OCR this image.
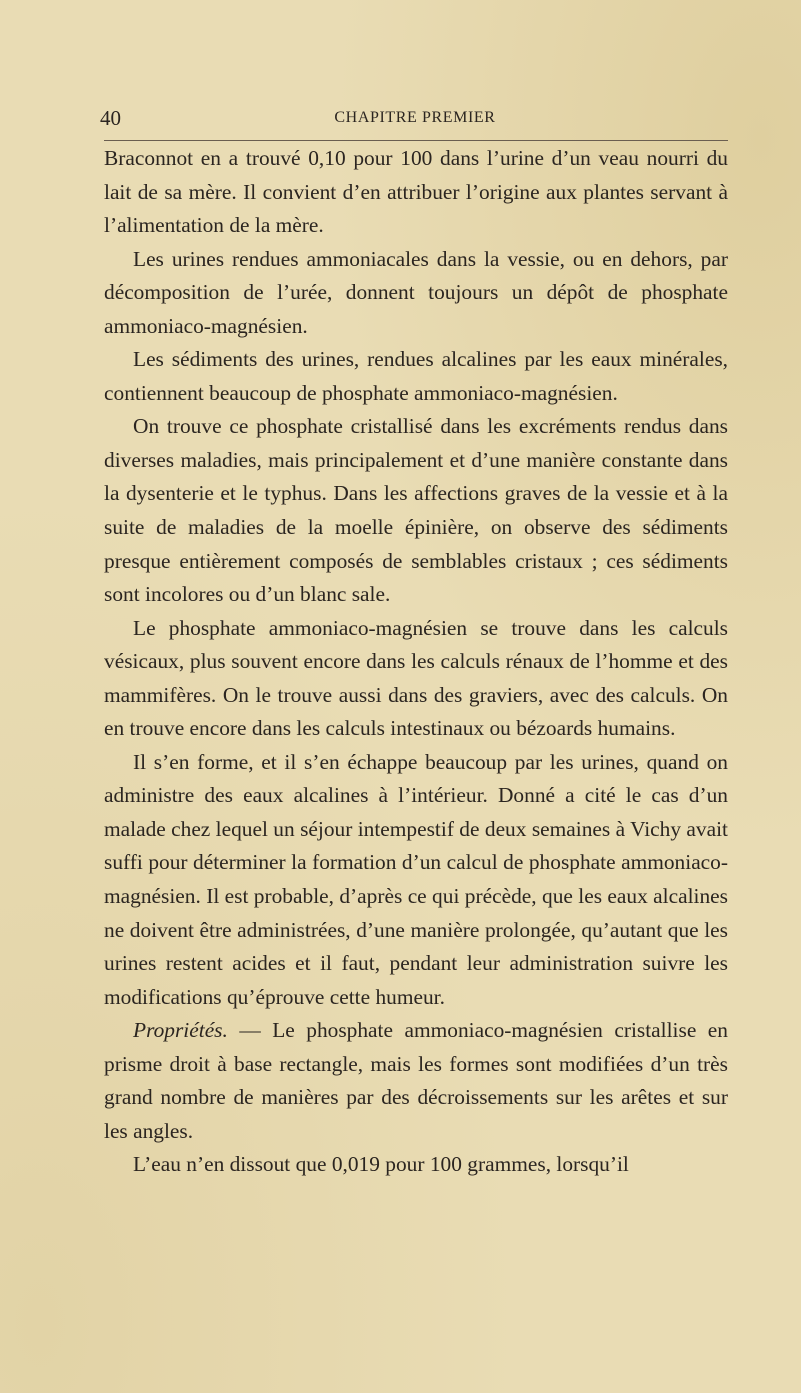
40	CHAPITRE PREMIER

Braconnot en a trouvé 0,10 pour 100 dans l’urine d’un veau nourri du lait de sa mère. Il convient d’en attribuer l’origine aux plantes servant à l’alimentation de la mère.

Les urines rendues ammoniacales dans la vessie, ou en dehors, par décomposition de l’urée, donnent toujours un dépôt de phosphate ammoniaco-magnésien.

Les sédiments des urines, rendues alcalines par les eaux minérales, contiennent beaucoup de phosphate ammoniaco-magnésien.

On trouve ce phosphate cristallisé dans les excréments rendus dans diverses maladies, mais principalement et d’une manière constante dans la dysenterie et le typhus. Dans les affections graves de la vessie et à la suite de maladies de la moelle épinière, on observe des sédiments presque entièrement composés de semblables cristaux ; ces sédiments sont incolores ou d’un blanc sale.

Le phosphate ammoniaco-magnésien se trouve dans les calculs vésicaux, plus souvent encore dans les calculs rénaux de l’homme et des mammifères. On le trouve aussi dans des graviers, avec des calculs. On en trouve encore dans les calculs intestinaux ou bézoards humains.

Il s’en forme, et il s’en échappe beaucoup par les urines, quand on administre des eaux alcalines à l’intérieur. Donné a cité le cas d’un malade chez lequel un séjour intempestif de deux semaines à Vichy avait suffi pour déterminer la formation d’un calcul de phosphate ammoniaco-magnésien. Il est probable, d’après ce qui précède, que les eaux alcalines ne doivent être administrées, d’une manière prolongée, qu’autant que les urines restent acides et il faut, pendant leur administration suivre les modifications qu’éprouve cette humeur.

Propriétés. — Le phosphate ammoniaco-magnésien cristallise en prisme droit à base rectangle, mais les formes sont modifiées d’un très grand nombre de manières par des décroissements sur les arêtes et sur les angles.

L’eau n’en dissout que 0,019 pour 100 grammes, lorsqu’il
